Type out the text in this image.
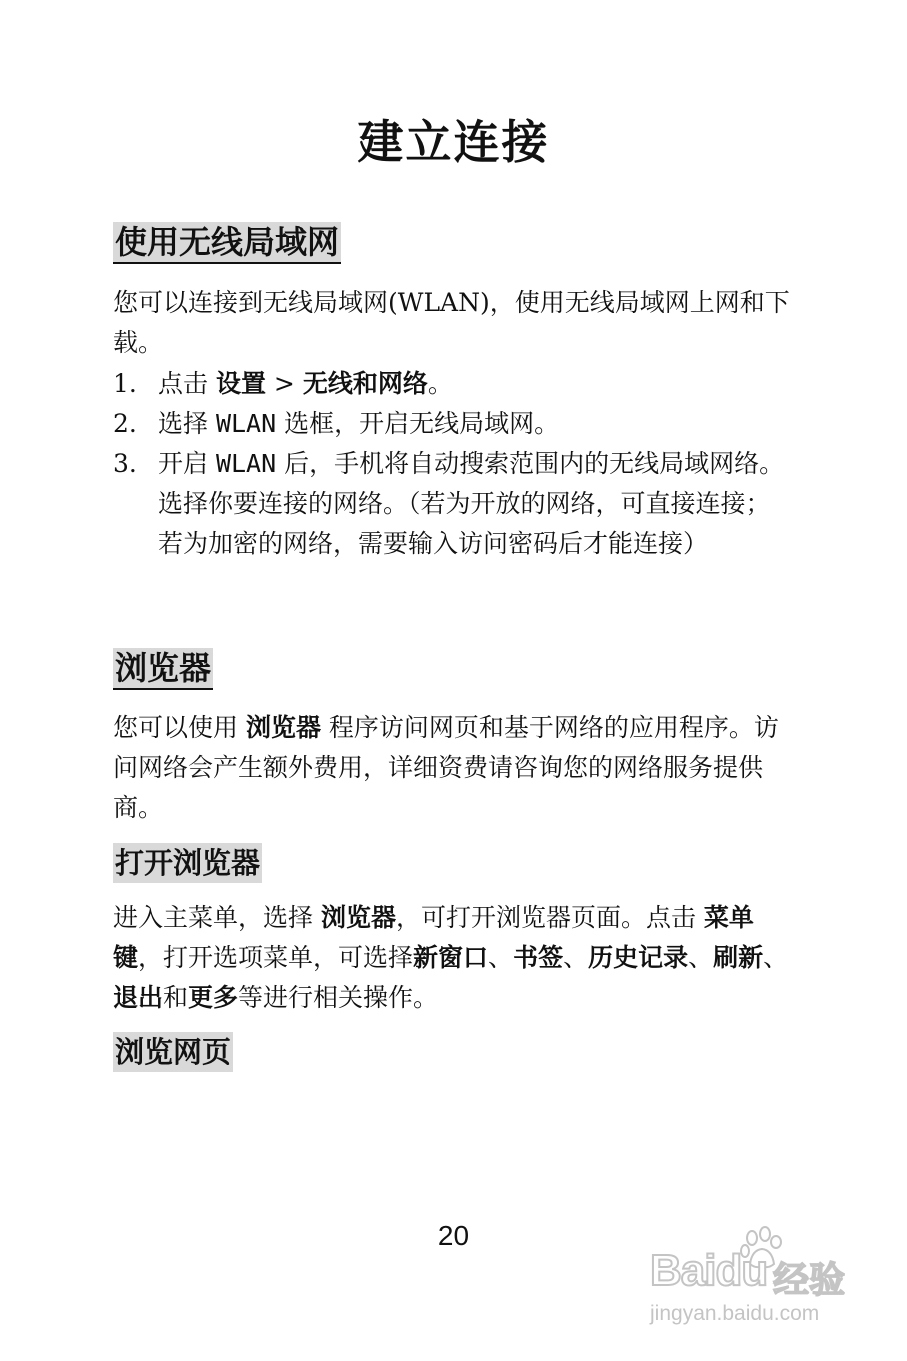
建立连接
使用无线局域网

您可以连接到无线局域网(WLAN)，使用无线局域网上网和下载。

1. 点击 设置 > 无线和网络。
2. 选择 WLAN 选框，开启无线局域网。
3. 开启 WLAN 后，手机将自动搜索范围内的无线局域网络。选择你要连接的网络。（若为开放的网络，可直接连接；若为加密的网络，需要输入访问密码后才能连接）
浏览器

您可以使用 浏览器 程序访问网页和基于网络的应用程序。访问网络会产生额外费用，详细资费请咨询您的网络服务提供商。

打开浏览器

进入主菜单，选择 浏览器，可打开浏览器页面。点击 菜单键，打开选项菜单，可选择新窗口、书签、历史记录、刷新、退出和更多等进行相关操作。

浏览网页
20
Baidu 经验
jingyan.baidu.com
